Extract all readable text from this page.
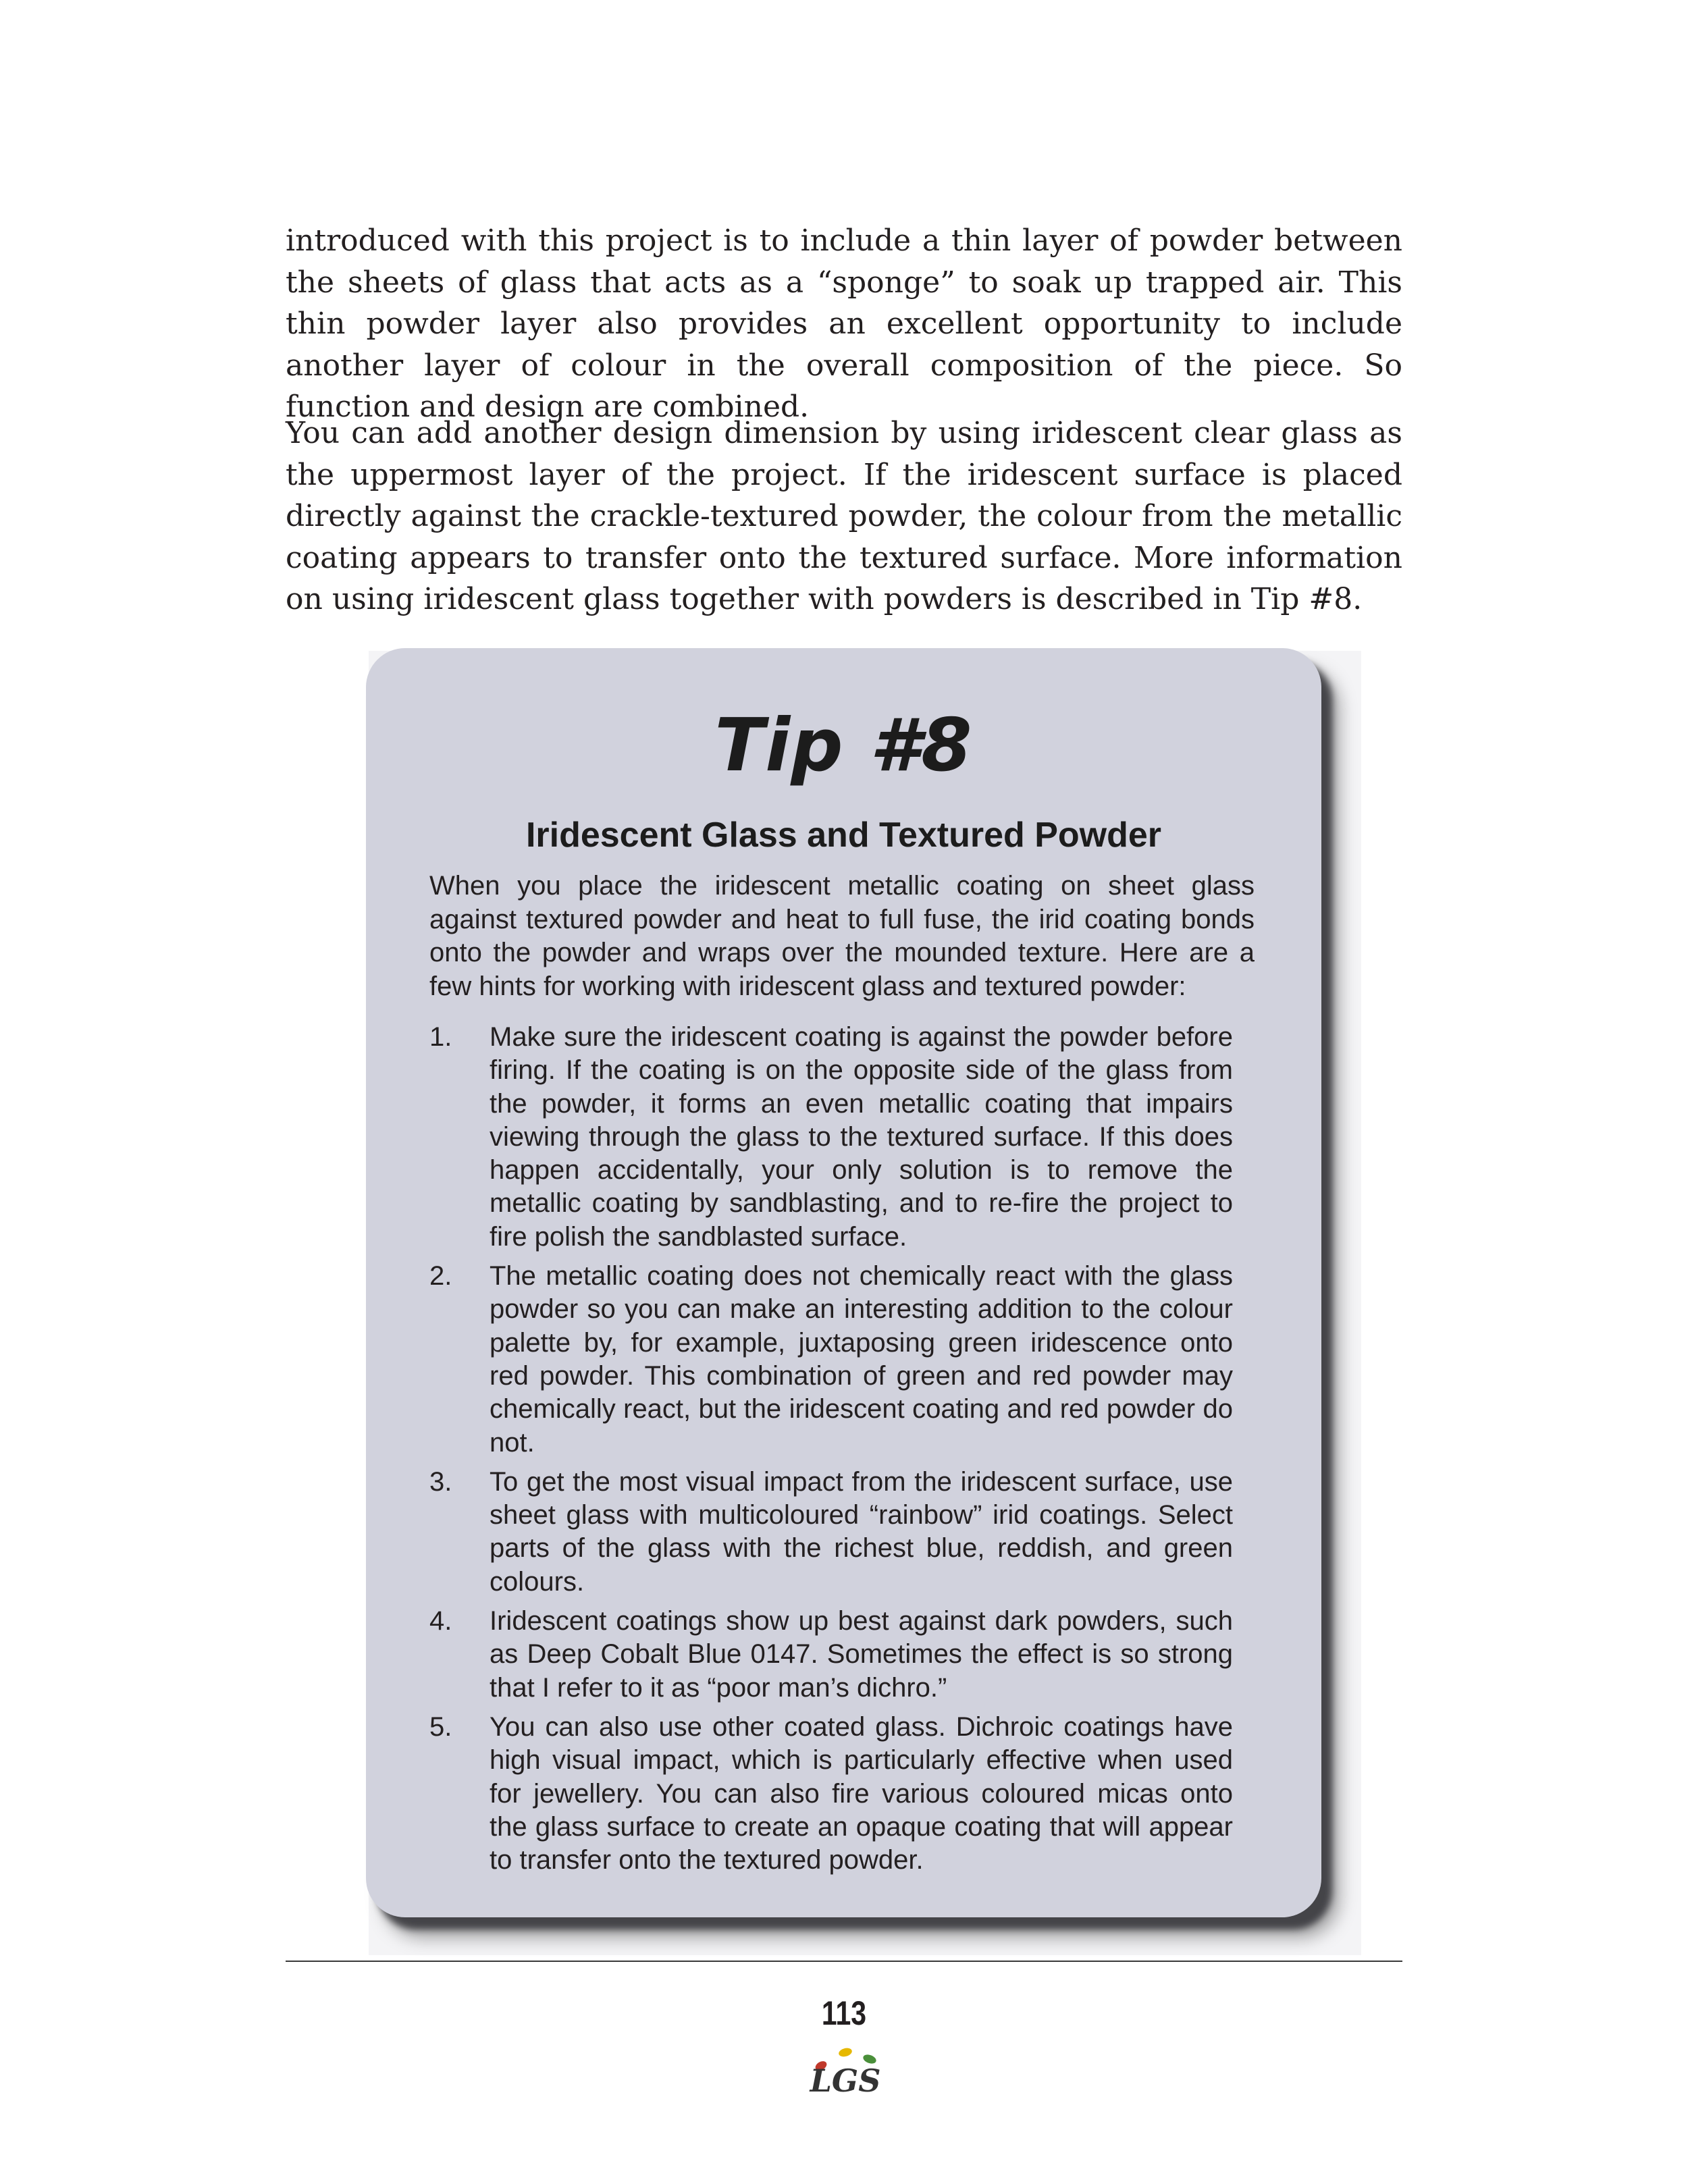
introduced with this project is to include a thin layer of powder between the sheets of glass that acts as a “sponge” to soak up trapped air. This thin powder layer also provides an excellent opportunity to include another layer of colour in the overall composition of the piece. So function and design are combined.

You can add another design dimension by using iridescent clear glass as the uppermost layer of the project. If the iridescent surface is placed directly against the crackle-textured powder, the colour from the metallic coating appears to transfer onto the textured surface. More information on using iridescent glass together with powders is described in Tip #8.

Tip #8
Iridescent Glass and Textured Powder

When you place the iridescent metallic coating on sheet glass against textured powder and heat to full fuse, the irid coating bonds onto the powder and wraps over the mounded texture. Here are a few hints for working with iridescent glass and textured powder:

1. Make sure the iridescent coating is against the powder before firing. If the coating is on the opposite side of the glass from the powder, it forms an even metallic coating that impairs viewing through the glass to the textured surface. If this does happen accidentally, your only solution is to remove the metallic coating by sandblasting, and to re-fire the project to fire polish the sandblasted surface.
2. The metallic coating does not chemically react with the glass powder so you can make an interesting addition to the colour palette by, for example, juxtaposing green iridescence onto red powder. This combination of green and red powder may chemically react, but the iridescent coating and red powder do not.
3. To get the most visual impact from the iridescent surface, use sheet glass with multicoloured “rainbow” irid coatings. Select parts of the glass with the richest blue, reddish, and green colours.
4. Iridescent coatings show up best against dark powders, such as Deep Cobalt Blue 0147. Sometimes the effect is so strong that I refer to it as “poor man’s dichro.”
5. You can also use other coated glass. Dichroic coatings have high visual impact, which is particularly effective when used for jewellery. You can also fire various coloured micas onto the glass surface to create an opaque coating that will appear to transfer onto the textured powder.
113
LGS
